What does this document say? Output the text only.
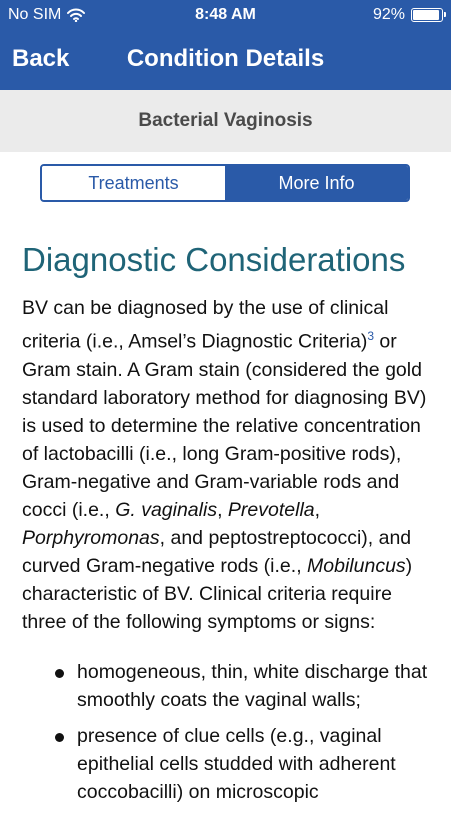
No SIM	8:48 AM	92%
Back	Condition Details
Bacterial Vaginosis
Treatments	More Info
Diagnostic Considerations

BV can be diagnosed by the use of clinical criteria (i.e., Amsel’s Diagnostic Criteria)$^3$ or Gram stain. A Gram stain (considered the gold standard laboratory method for diagnosing BV) is used to determine the relative concentration of lactobacilli (i.e., long Gram-positive rods), Gram-negative and Gram-variable rods and cocci (i.e., G. vaginalis, Prevotella, Porphyromonas, and peptostreptococci), and curved Gram-negative rods (i.e., Mobiluncus) characteristic of BV. Clinical criteria require three of the following symptoms or signs:

homogeneous, thin, white discharge that smoothly coats the vaginal walls;
presence of clue cells (e.g., vaginal epithelial cells studded with adherent coccobacilli) on microscopic
